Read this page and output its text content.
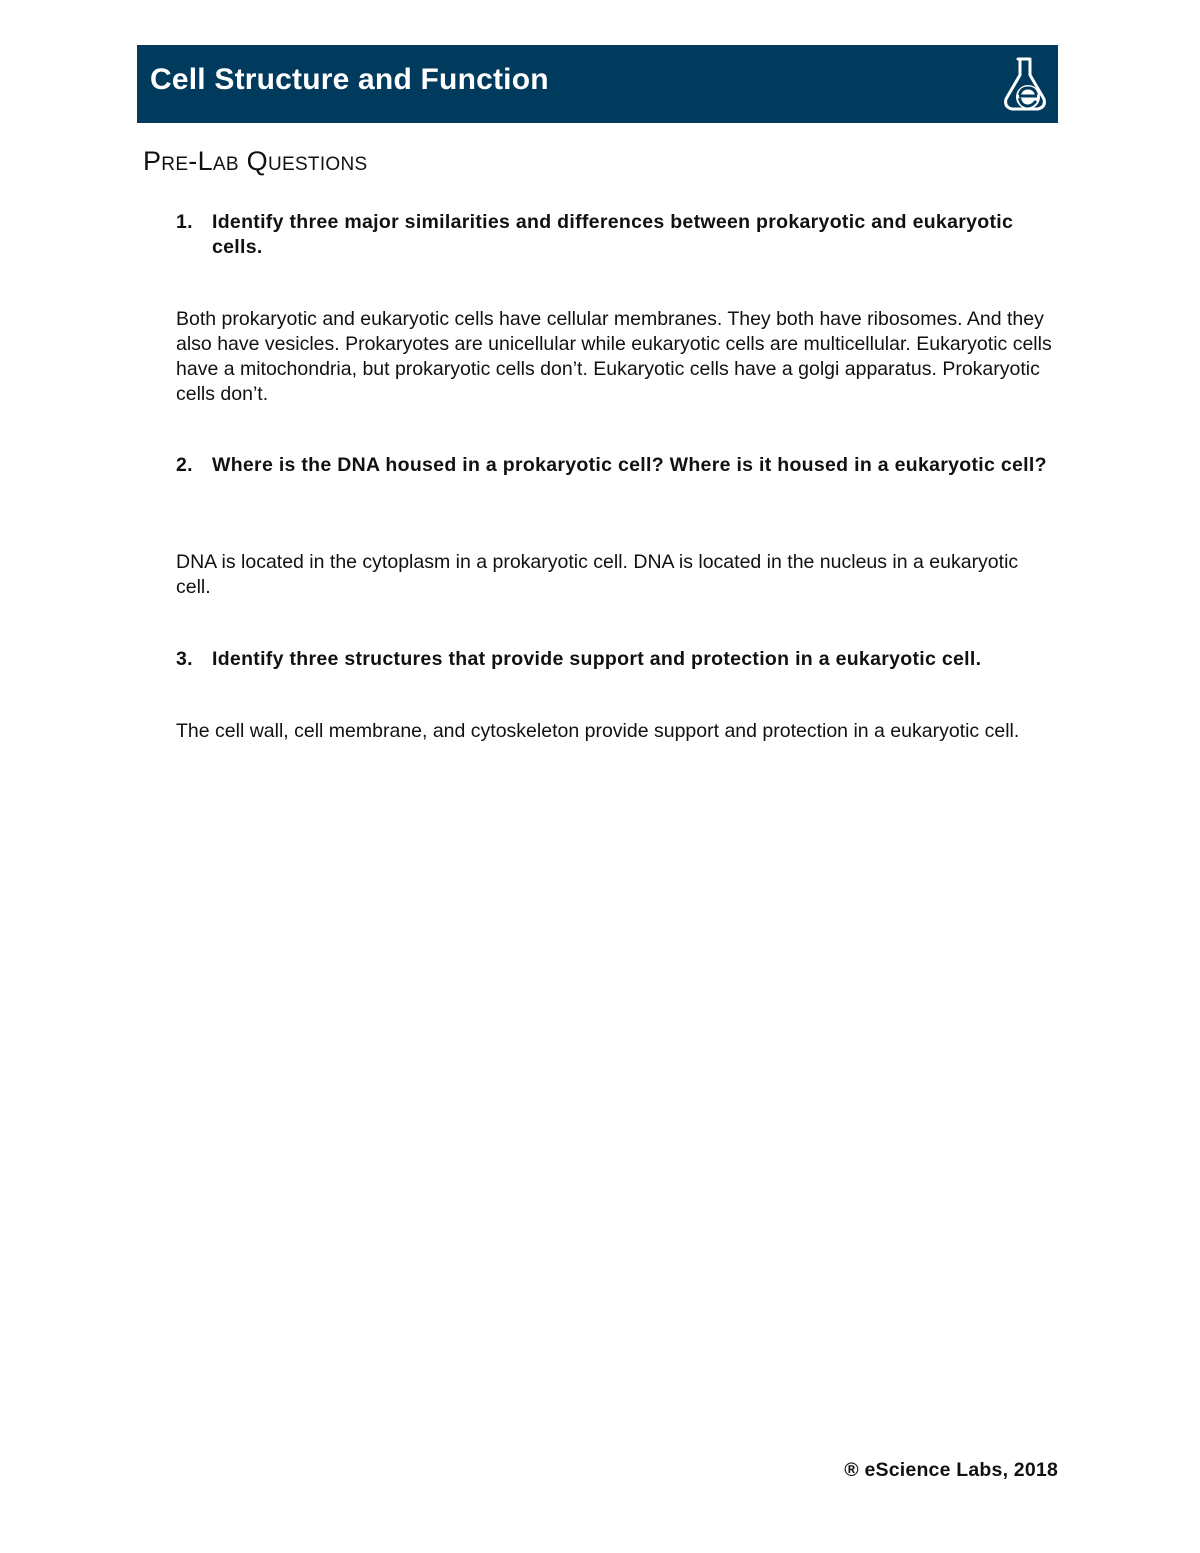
Cell Structure and Function
Pre-Lab Questions
1. Identify three major similarities and differences between prokaryotic and eukaryotic cells.
Both prokaryotic and eukaryotic cells have cellular membranes. They both have ribosomes. And they also have vesicles. Prokaryotes are unicellular while eukaryotic cells are multicellular. Eukaryotic cells have a mitochondria, but prokaryotic cells don’t. Eukaryotic cells have a golgi apparatus. Prokaryotic cells don’t.
2. Where is the DNA housed in a prokaryotic cell? Where is it housed in a eukaryotic cell?
DNA is located in the cytoplasm in a prokaryotic cell. DNA is located in the nucleus in a eukaryotic cell.
3. Identify three structures that provide support and protection in a eukaryotic cell.
The cell wall, cell membrane, and cytoskeleton provide support and protection in a eukaryotic cell.
® eScience Labs, 2018
